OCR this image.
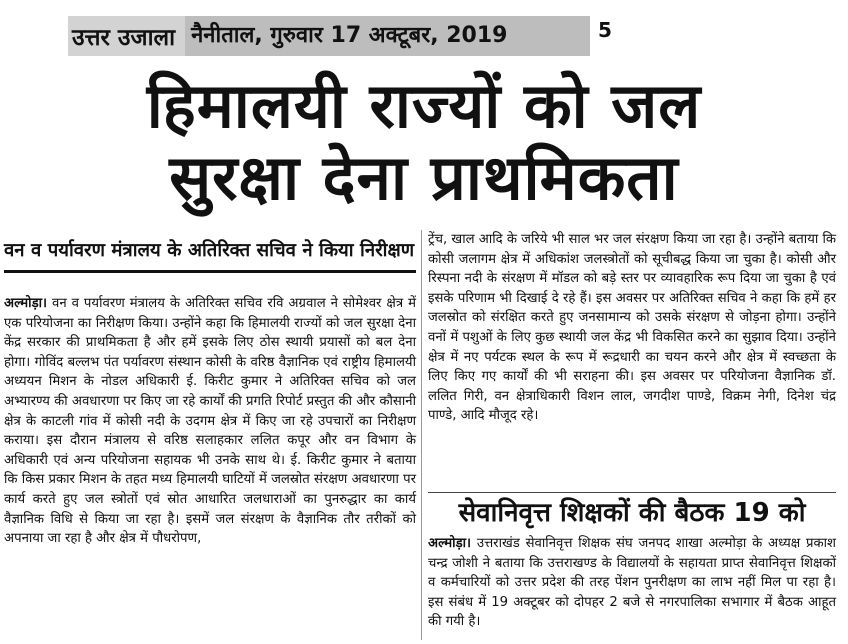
उत्तर उजाला नैनीताल, गुरुवार 17 अक्टूबर, 2019	5
हिमालयी राज्यों को जल
सुरक्षा देना प्राथमिकता
वन व पर्यावरण मंत्रालय के अतिरिक्त सचिव ने किया निरीक्षण

अल्मोड़ा। वन व पर्यावरण मंत्रालय के अतिरिक्त सचिव रवि अग्रवाल ने सोमेश्वर क्षेत्र में एक परियोजना का निरीक्षण किया। उन्होंने कहा कि हिमालयी राज्यों को जल सुरक्षा देना केंद्र सरकार की प्राथमिकता है और हमें इसके लिए ठोस स्थायी प्रयासों को बल देना होगा। गोविंद बल्लभ पंत पर्यावरण संस्थान कोसी के वरिष्ठ वैज्ञानिक एवं राष्ट्रीय हिमालयी अध्ययन मिशन के नोडल अधिकारी ई. किरीट कुमार ने अतिरिक्त सचिव को जल अभ्यारण्य की अवधारणा पर किए जा रहे कार्यों की प्रगति रिपोर्ट प्रस्तुत की और कौसानी क्षेत्र के काटली गांव में कोसी नदी के उदगम क्षेत्र में किए जा रहे उपचारों का निरीक्षण कराया। इस दौरान मंत्रालय से वरिष्ठ सलाहकार ललित कपूर और वन विभाग के अधिकारी एवं अन्य परियोजना सहायक भी उनके साथ थे। ई. किरीट कुमार ने बताया कि किस प्रकार मिशन के तहत मध्य हिमालयी घाटियों में जलस्रोत संरक्षण अवधारणा पर कार्य करते हुए जल स्त्रोतों एवं स्रोत आधारित जलधाराओं का पुनरुद्धार का कार्य वैज्ञानिक विधि से किया जा रहा है। इसमें जल संरक्षण के वैज्ञानिक तौर तरीकों को अपनाया जा रहा है और क्षेत्र में पौधरोपण,

ट्रेंच, खाल आदि के जरिये भी साल भर जल संरक्षण किया जा रहा है। उन्होंने बताया कि कोसी जलागम क्षेत्र में अधिकांश जलस्त्रोतों को सूचीबद्ध किया जा चुका है। कोसी और रिस्पना नदी के संरक्षण में मॉडल को बड़े स्तर पर व्यावहारिक रूप दिया जा चुका है एवं इसके परिणाम भी दिखाई दे रहे हैं। इस अवसर पर अतिरिक्त सचिव ने कहा कि हमें हर जलस्रोत को संरक्षित करते हुए जनसामान्य को उसके संरक्षण से जोड़ना होगा। उन्होंने वनों में पशुओं के लिए कुछ स्थायी जल केंद्र भी विकसित करने का सुझाव दिया। उन्होंने क्षेत्र में नए पर्यटक स्थल के रूप में रूद्रधारी का चयन करने और क्षेत्र में स्वच्छता के लिए किए गए कार्यों की भी सराहना की। इस अवसर पर परियोजना वैज्ञानिक डॉ. ललित गिरी, वन क्षेत्राधिकारी विशन लाल, जगदीश पाण्डे, विक्रम नेगी, दिनेश चंद्र पाण्डे, आदि मौजूद रहे।

सेवानिवृत्त शिक्षकों की बैठक 19 को

अल्मोड़ा। उत्तराखंड सेवानिवृत्त शिक्षक संघ जनपद शाखा अल्मोड़ा के अध्यक्ष प्रकाश चन्द्र जोशी ने बताया कि उत्तराखण्ड के विद्यालयों के सहायता प्राप्त सेवानिवृत्त शिक्षकों व कर्मचारियों को उत्तर प्रदेश की तरह पेंशन पुनरीक्षण का लाभ नहीं मिल पा रहा है। इस संबंध में 19 अक्टूबर को दोपहर 2 बजे से नगरपालिका सभागार में बैठक आहूत की गयी है।
